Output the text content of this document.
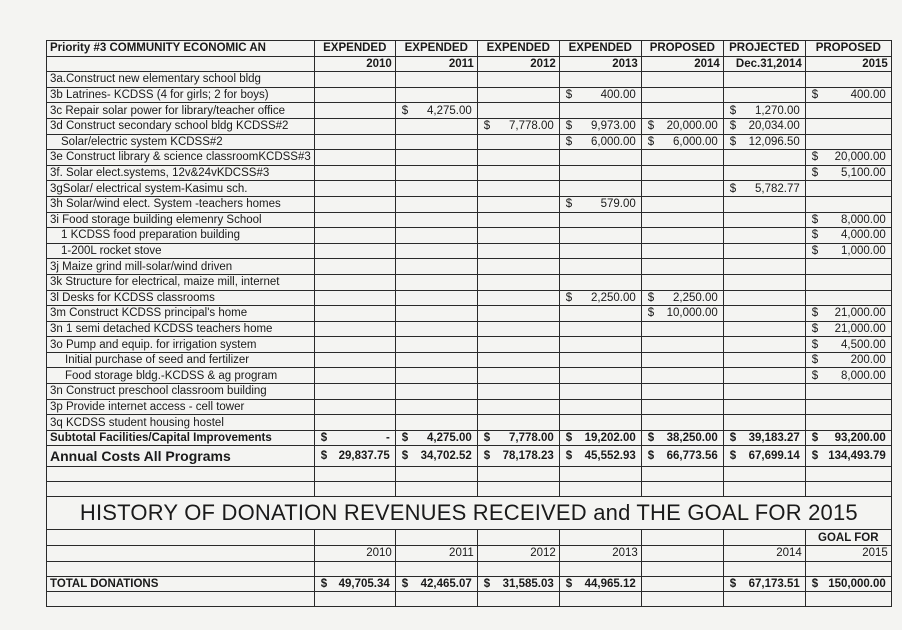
Priority #3 COMMUNITY ECONOMIC AN	EXPENDED	EXPENDED	EXPENDED	EXPENDED	PROPOSED	PROJECTED	PROPOSED
	2010	2011	2012	2013	2014	Dec.31,2014	2015
3a.Construct new elementary school bldg							
3b Latrines- KCDSS (4 for girls; 2 for boys)				$ 400.00			$ 400.00

3c Repair solar power for library/teacher office		$ 4,275.00				$ 1,270.00	

3d Construct secondary school bldg KCDSS#2			$ 7,778.00	$ 9,973.00	$ 20,000.00	$ 20,034.00	

Solar/electric system KCDSS#2				$ 6,000.00	$ 6,000.00	$ 12,096.50	

3e Construct library & science classroomKCDSS#3							$ 20,000.00

3f. Solar elect.systems, 12v&24vKDCSS#3							$ 5,100.00

3gSolar/ electrical system-Kasimu sch.						$ 5,782.77	

3h Solar/wind elect. System -teachers homes				$ 579.00			

3i Food storage building elemenry School							$ 8,000.00

1 KCDSS food preparation building							$ 4,000.00

1-200L rocket stove							$ 1,000.00

3j Maize grind mill-solar/wind driven							
3k Structure for electrical, maize mill, internet							
3l Desks for KCDSS classrooms				$ 2,250.00	$ 2,250.00		

3m Construct KCDSS principal's home					$ 10,000.00		$ 21,000.00

3n 1 semi detached KCDSS teachers home							$ 21,000.00

3o Pump and equip. for irrigation system							$ 4,500.00

Initial purchase of seed and fertilizer							$ 200.00

Food storage bldg.-KCDSS & ag program							$ 8,000.00

3n Construct preschool classroom building							
3p Provide internet access - cell tower							
3q KCDSS student housing hostel							
Subtotal Facilities/Capital Improvements	$ -	$ 4,275.00	$ 7,778.00	$ 19,202.00	$ 38,250.00	$ 39,183.27	$ 93,200.00

Annual Costs All Programs	$ 29,837.75	$ 34,702.52	$ 78,178.23	$ 45,552.93	$ 66,773.56	$ 67,699.14	$ 134,493.79

HISTORY OF DONATION REVENUES RECEIVED and THE GOAL FOR 2015							
							GOAL FOR
	2010	2011	2012	2013		2014	2015

TOTAL DONATIONS	$ 49,705.34	$ 42,465.07	$ 31,585.03	$ 44,965.12		$ 67,173.51	$ 150,000.00
